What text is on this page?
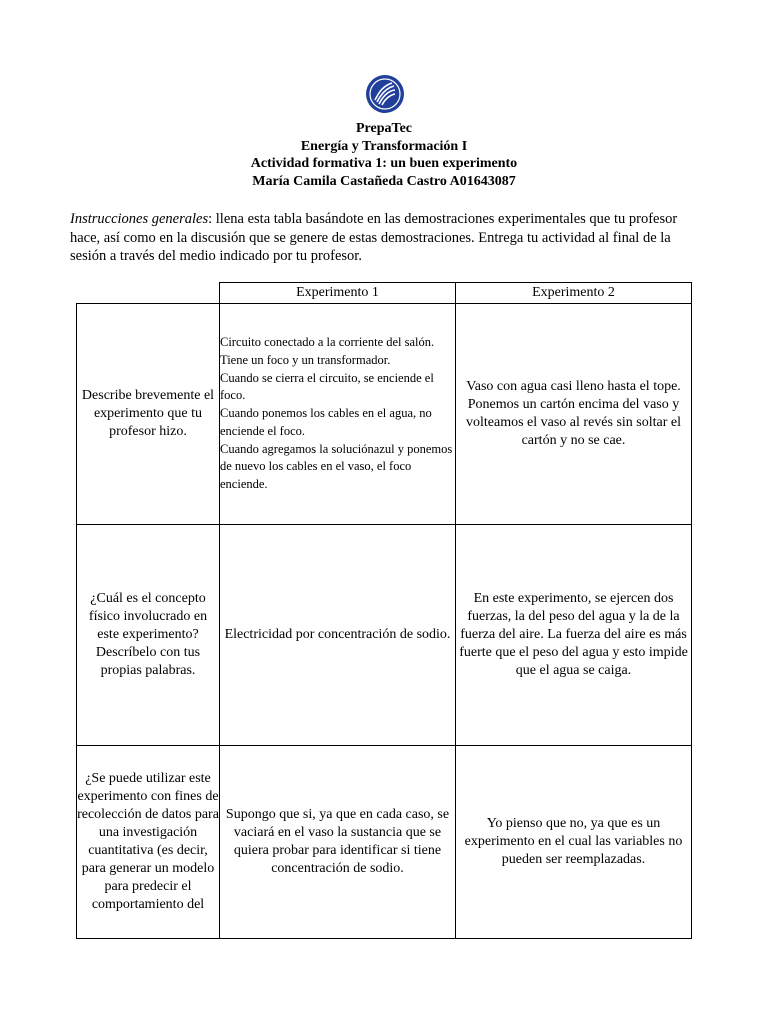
PrepaTec
Energía y Transformación I
Actividad formativa 1: un buen experimento
María Camila Castañeda Castro A01643087
Instrucciones generales: llena esta tabla basándote en las demostraciones experimentales que tu profesor hace, así como en la discusión que se genere de estas demostraciones. Entrega tu actividad al final de la sesión a través del medio indicado por tu profesor.
	Experimento 1	Experimento 2
Describe brevemente el experimento que tu profesor hizo.	Circuito conectado a la corriente del salón. Tiene un foco y un transformador.
Cuando se cierra el circuito, se enciende el foco.
Cuando ponemos los cables en el agua, no enciende el foco.
Cuando agregamos la soluciónazul y ponemos de nuevo los cables en el vaso, el foco enciende.	Vaso con agua casi lleno hasta el tope. Ponemos un cartón encima del vaso y volteamos el vaso al revés sin soltar el cartón y no se cae.
¿Cuál es el concepto físico involucrado en este experimento? Descríbelo con tus propias palabras.	Electricidad por concentración de sodio.	En este experimento, se ejercen dos fuerzas, la del peso del agua y la de la fuerza del aire. La fuerza del aire es más fuerte que el peso del agua y esto impide que el agua se caiga.

¿Se puede utilizar este experimento con fines de recolección de datos para una investigación cuantitativa (es decir, para generar un modelo para predecir el comportamiento del	Supongo que si, ya que en cada caso, se vaciará en el vaso la sustancia que se quiera probar para identificar si tiene concentración de sodio.	Yo pienso que no, ya que es un experimento en el cual las variables no pueden ser reemplazadas.
